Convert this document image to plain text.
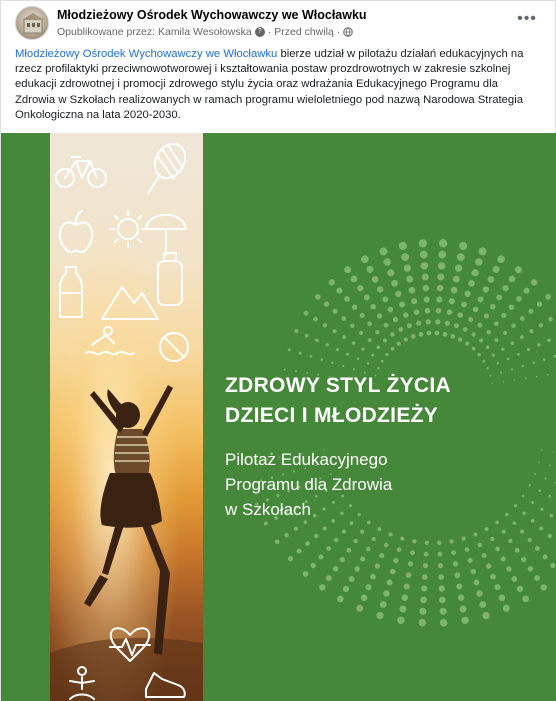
Młodzieżowy Ośrodek Wychowawczy we Włocławku
Opublikowane przez: Kamila Wesołowska ? · Przed chwilą ·
•••
Młodzieżowy Ośrodek Wychowawczy we Włocławku bierze udział w pilotażu działań edukacyjnych na rzecz profilaktyki przeciwnowotworowej i kształtowania postaw prozdrowotnych w zakresie szkolnej edukacji zdrowotnej i promocji zdrowego stylu życia oraz wdrażania Edukacyjnego Programu dla Zdrowia w Szkołach realizowanych w ramach programu wieloletniego pod nazwą Narodowa Strategia Onkologiczna na lata 2020-2030.
ZDROWY STYL ŻYCIA
DZIECI I MŁODZIEŻY
Pilotaż Edukacyjnego
Programu dla Zdrowia
w Szkołach
